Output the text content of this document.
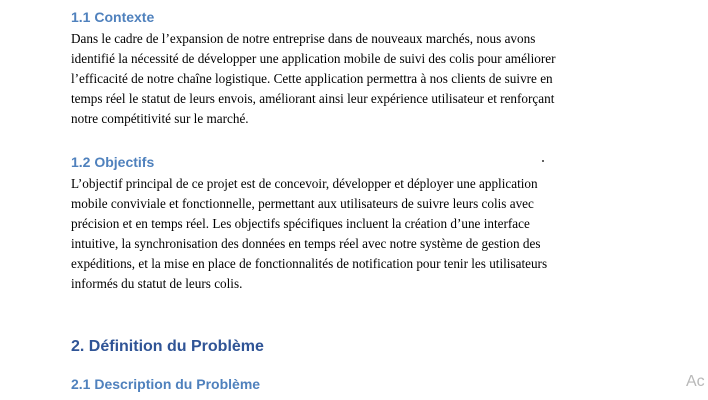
1.1 Contexte
Dans le cadre de l’expansion de notre entreprise dans de nouveaux marchés, nous avons
identifié la nécessité de développer une application mobile de suivi des colis pour améliorer
l’efficacité de notre chaîne logistique. Cette application permettra à nos clients de suivre en
temps réel le statut de leurs envois, améliorant ainsi leur expérience utilisateur et renforçant
notre compétitivité sur le marché.
1.2 Objectifs
L’objectif principal de ce projet est de concevoir, développer et déployer une application
mobile conviviale et fonctionnelle, permettant aux utilisateurs de suivre leurs colis avec
précision et en temps réel. Les objectifs spécifiques incluent la création d’une interface
intuitive, la synchronisation des données en temps réel avec notre système de gestion des
expéditions, et la mise en place de fonctionnalités de notification pour tenir les utilisateurs
informés du statut de leurs colis.
2. Définition du Problème
2.1 Description du Problème	Ac
